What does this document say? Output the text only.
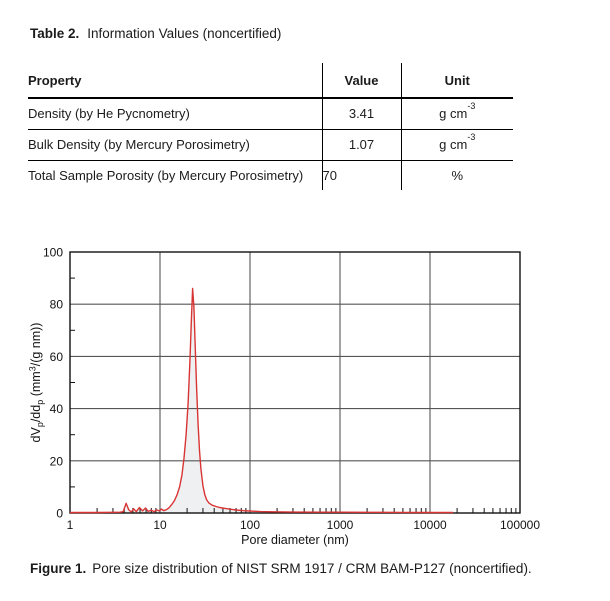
Table 2. Information Values (noncertified)
Property	Value	Unit
Density (by He Pycnometry)	3.41	g $cm^{-3}$
Bulk Density (by Mercury Porosimetry)	1.07	g $cm^{-3}$
Total Sample Porosity (by Mercury Porosimetry)	70	%
0
20
40
60
80
100
1	10	100	1000	10000	100000
Pore diameter (nm)
$dV_p/dd_p$ ($mm^3/(g$ nm))
Figure 1. Pore size distribution of NIST SRM 1917 / CRM BAM-P127 (noncertified).
